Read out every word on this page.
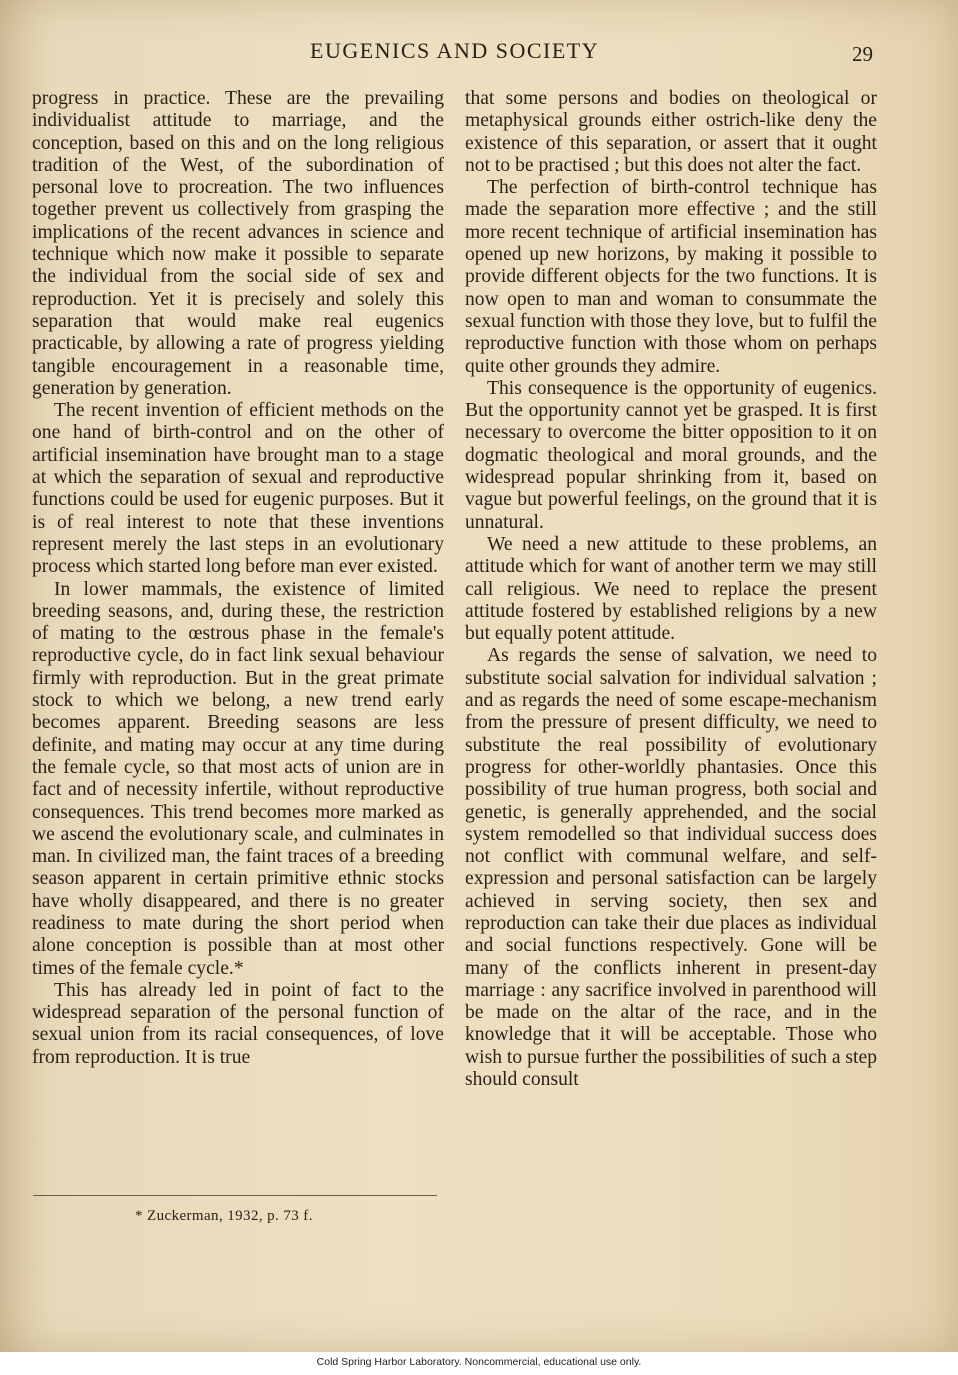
EUGENICS AND SOCIETY	29

progress in practice. These are the prevailing individualist attitude to marriage, and the conception, based on this and on the long religious tradition of the West, of the subordination of personal love to procreation. The two influences together prevent us collectively from grasping the implications of the recent advances in science and technique which now make it possible to separate the individual from the social side of sex and reproduction. Yet it is precisely and solely this separation that would make real eugenics practicable, by allowing a rate of progress yielding tangible encouragement in a reasonable time, generation by generation.

The recent invention of efficient methods on the one hand of birth-control and on the other of artificial insemination have brought man to a stage at which the separation of sexual and reproductive functions could be used for eugenic purposes. But it is of real interest to note that these inventions represent merely the last steps in an evolutionary process which started long before man ever existed.

In lower mammals, the existence of limited breeding seasons, and, during these, the restriction of mating to the œstrous phase in the female's reproductive cycle, do in fact link sexual behaviour firmly with reproduction. But in the great primate stock to which we belong, a new trend early becomes apparent. Breeding seasons are less definite, and mating may occur at any time during the female cycle, so that most acts of union are in fact and of necessity infertile, without reproductive consequences. This trend becomes more marked as we ascend the evolutionary scale, and culminates in man. In civilized man, the faint traces of a breeding season apparent in certain primitive ethnic stocks have wholly disappeared, and there is no greater readiness to mate during the short period when alone conception is possible than at most other times of the female cycle.*

This has already led in point of fact to the widespread separation of the personal function of sexual union from its racial consequences, of love from reproduction. It is true

that some persons and bodies on theological or metaphysical grounds either ostrich-like deny the existence of this separation, or assert that it ought not to be practised ; but this does not alter the fact.

The perfection of birth-control technique has made the separation more effective ; and the still more recent technique of artificial insemination has opened up new horizons, by making it possible to provide different objects for the two functions. It is now open to man and woman to consummate the sexual function with those they love, but to fulfil the reproductive function with those whom on perhaps quite other grounds they admire.

This consequence is the opportunity of eugenics. But the opportunity cannot yet be grasped. It is first necessary to overcome the bitter opposition to it on dogmatic theological and moral grounds, and the widespread popular shrinking from it, based on vague but powerful feelings, on the ground that it is unnatural.

We need a new attitude to these problems, an attitude which for want of another term we may still call religious. We need to replace the present attitude fostered by established religions by a new but equally potent attitude.

As regards the sense of salvation, we need to substitute social salvation for individual salvation ; and as regards the need of some escape-mechanism from the pressure of present difficulty, we need to substitute the real possibility of evolutionary progress for other-worldly phantasies. Once this possibility of true human progress, both social and genetic, is generally apprehended, and the social system remodelled so that individual success does not conflict with communal welfare, and self-expression and personal satisfaction can be largely achieved in serving society, then sex and reproduction can take their due places as individual and social functions respectively. Gone will be many of the conflicts inherent in present-day marriage : any sacrifice involved in parenthood will be made on the altar of the race, and in the knowledge that it will be acceptable. Those who wish to pursue further the possibilities of such a step should consult

* Zuckerman, 1932, p. 73 f.
Cold Spring Harbor Laboratory. Noncommercial, educational use only.
